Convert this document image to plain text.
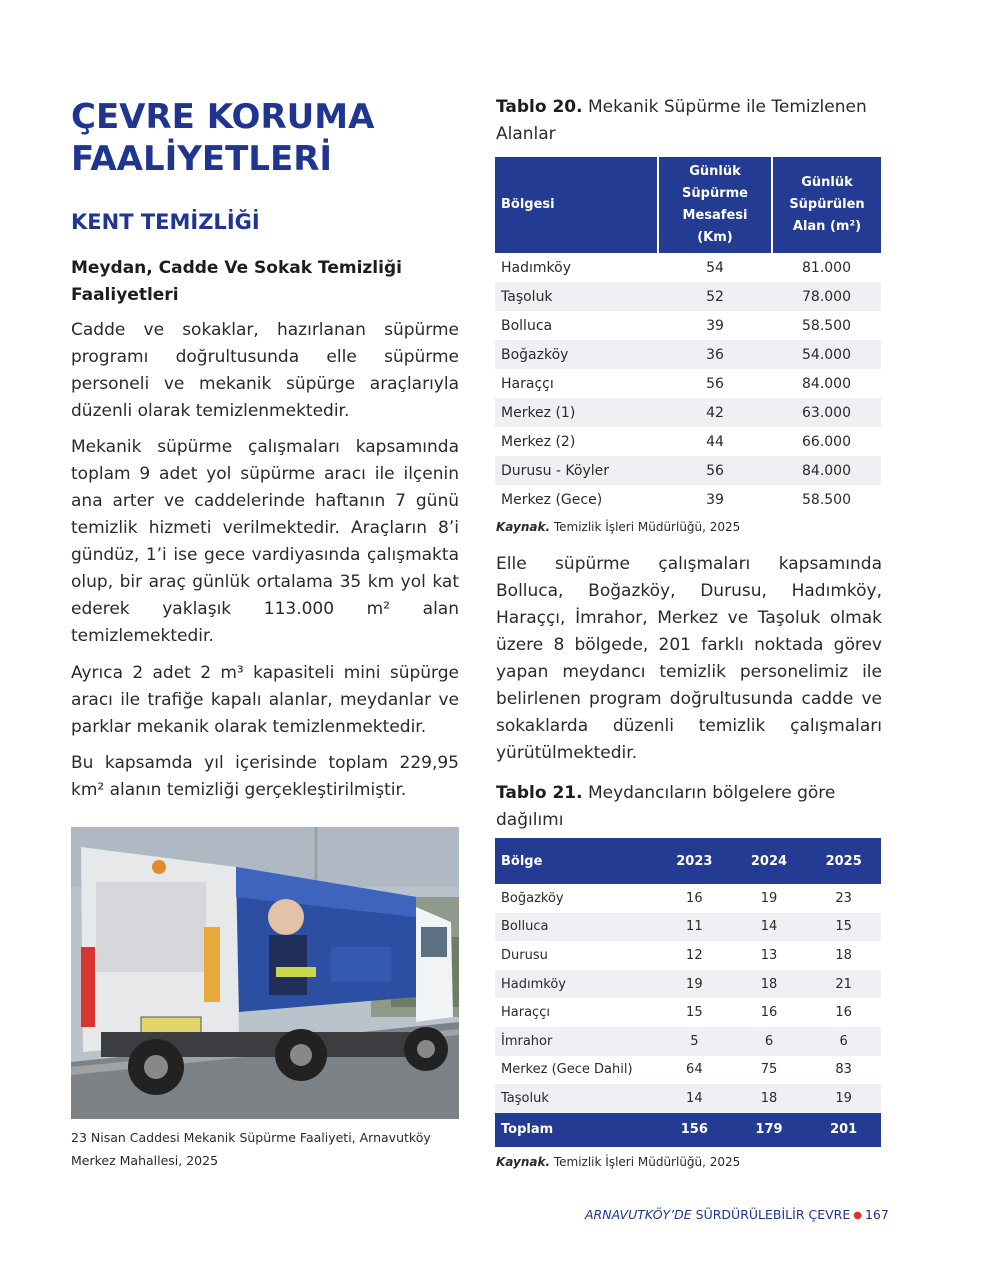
ÇEVRE KORUMA
FAALİYETLERİ
KENT TEMİZLİĞİ
Meydan, Cadde Ve Sokak Temizliği Faaliyetleri

Cadde ve sokaklar, hazırlanan süpürme programı doğrultusunda elle süpürme personeli ve mekanik süpürge araçlarıyla düzenli olarak temizlenmektedir.

Mekanik süpürme çalışmaları kapsamında toplam 9 adet yol süpürme aracı ile ilçenin ana arter ve caddelerinde haftanın 7 günü temizlik hizmeti verilmektedir. Araçların 8’i gündüz, 1’i ise gece vardiyasında çalışmakta olup, bir araç günlük ortalama 35 km yol kat ederek yaklaşık 113.000 m² alan temizlemektedir.

Ayrıca 2 adet 2 m³ kapasiteli mini süpürge aracı ile trafiğe kapalı alanlar, meydanlar ve parklar mekanik olarak temizlenmektedir.

Bu kapsamda yıl içerisinde toplam 229,95 km² alanın temizliği gerçekleştirilmiştir.

23 Nisan Caddesi Mekanik Süpürme Faaliyeti, Arnavutköy Merkez Mahallesi, 2025
Tablo 20. Mekanik Süpürme ile Temizlenen Alanlar
Bölgesi	Günlük Süpürme Mesafesi (Km)	Günlük Süpürülen Alan (m²)
Hadımköy	54	81.000
Taşoluk	52	78.000
Bolluca	39	58.500
Boğazköy	36	54.000
Haraççı	56	84.000
Merkez (1)	42	63.000
Merkez (2)	44	66.000
Durusu - Köyler	56	84.000
Merkez (Gece)	39	58.500
Kaynak. Temizlik İşleri Müdürlüğü, 2025

Elle süpürme çalışmaları kapsamında Bolluca, Boğazköy, Durusu, Hadımköy, Haraççı, İmrahor, Merkez ve Taşoluk olmak üzere 8 bölgede, 201 farklı noktada görev yapan meydancı temizlik personelimiz ile belirlenen program doğrultusunda cadde ve sokaklarda düzenli temizlik çalışmaları yürütülmektedir.

Tablo 21. Meydancıların bölgelere göre dağılımı
Bölge	2023	2024	2025
Boğazköy	16	19	23
Bolluca	11	14	15
Durusu	12	13	18
Hadımköy	19	18	21
Haraççı	15	16	16
İmrahor	5	6	6
Merkez (Gece Dahil)	64	75	83
Taşoluk	14	18	19
Toplam	156	179	201
Kaynak. Temizlik İşleri Müdürlüğü, 2025
ARNAVUTKÖY’DE SÜRDÜRÜLEBİLİR ÇEVRE ● 167
